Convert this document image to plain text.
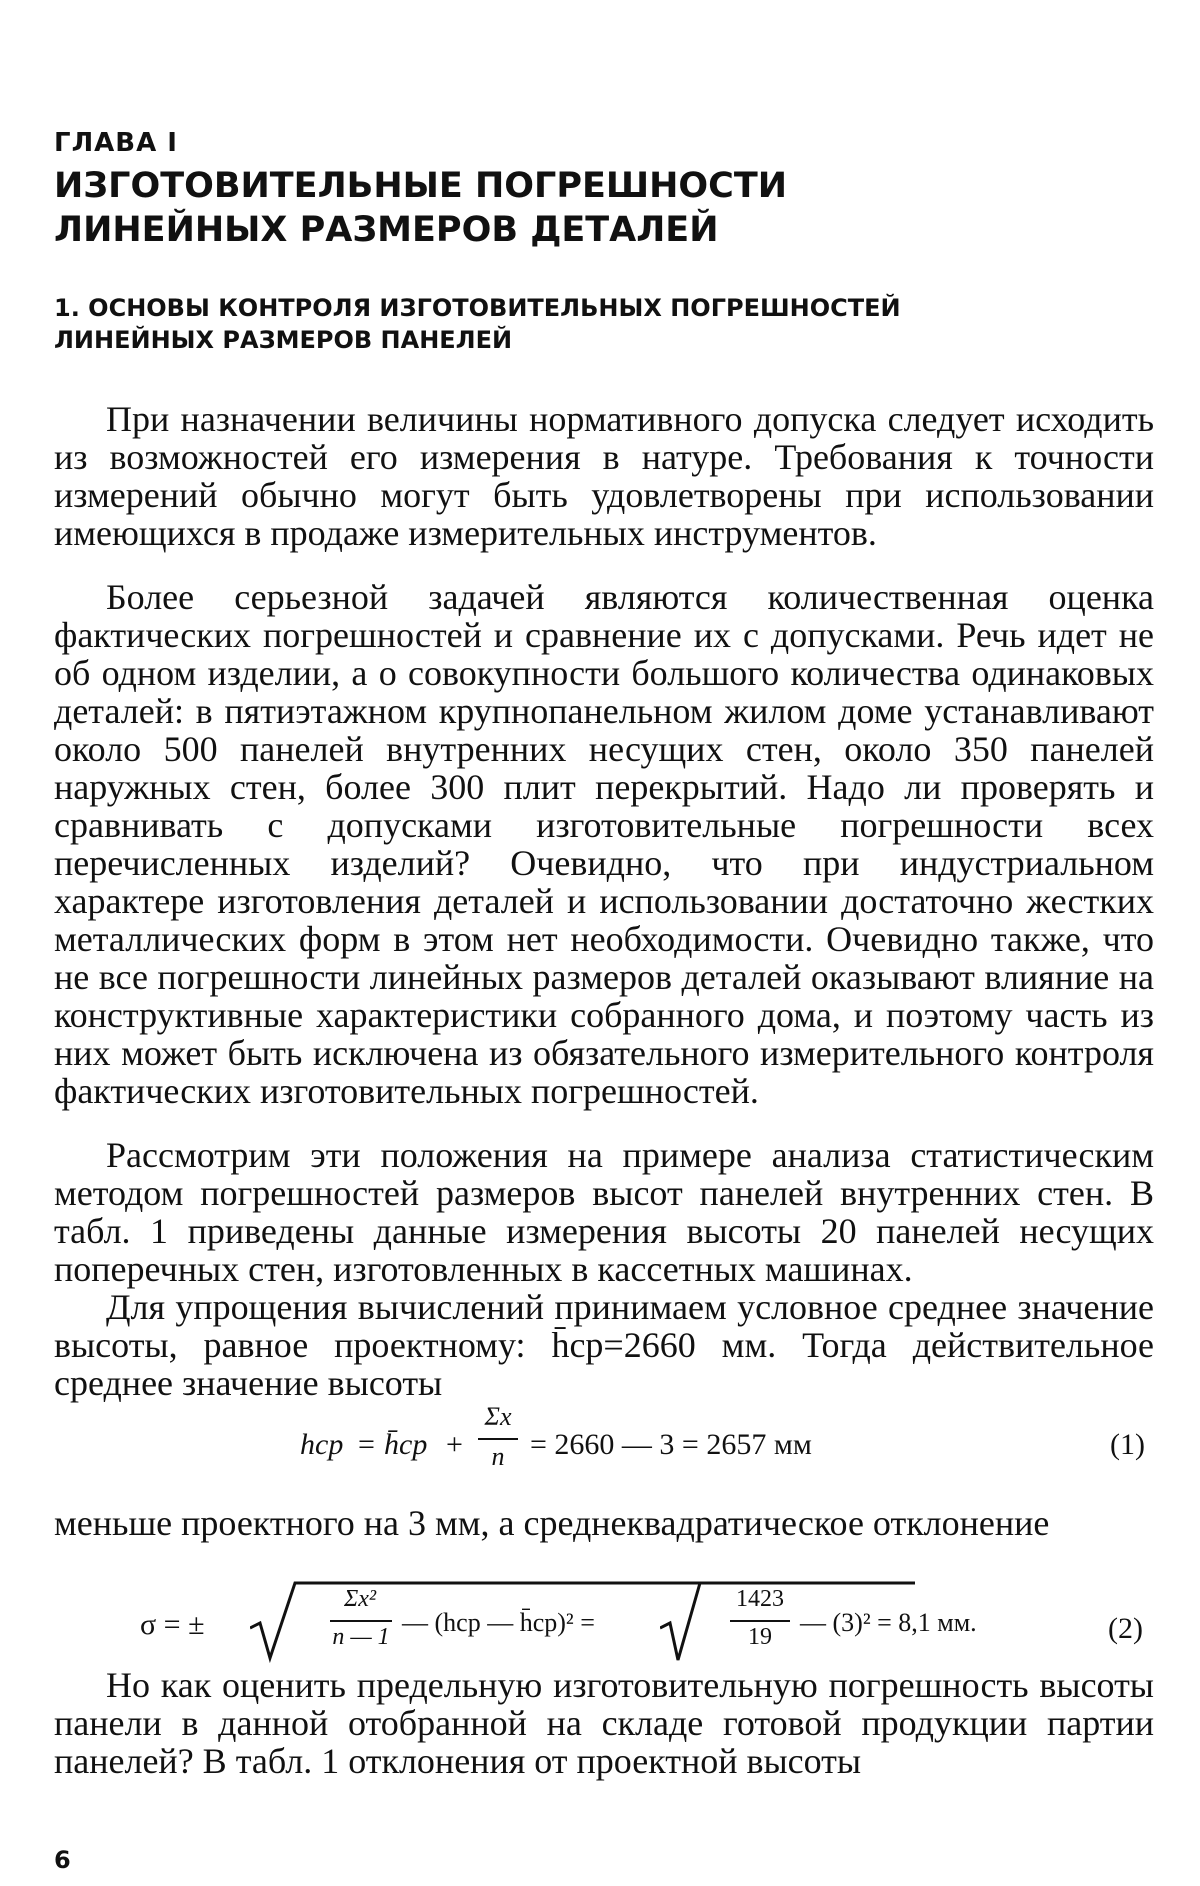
ГЛАВА I
ИЗГОТОВИТЕЛЬНЫЕ ПОГРЕШНОСТИ
ЛИНЕЙНЫХ РАЗМЕРОВ ДЕТАЛЕЙ
1. ОСНОВЫ КОНТРОЛЯ ИЗГОТОВИТЕЛЬНЫХ ПОГРЕШНОСТЕЙ
ЛИНЕЙНЫХ РАЗМЕРОВ ПАНЕЛЕЙ

При назначении величины нормативного допуска следует исходить из возможностей его измерения в натуре. Требования к точности измерений обычно могут быть удовлетворены при использовании имеющихся в продаже измерительных инструментов.

Более серьезной задачей являются количественная оценка фактических погрешностей и сравнение их с допусками. Речь идет не об одном изделии, а о совокупности большого количества одинаковых деталей: в пятиэтажном крупнопанельном жилом доме устанавливают около 500 панелей внутренних несущих стен, около 350 панелей наружных стен, более 300 плит перекрытий. Надо ли проверять и сравнивать с допусками изготовительные погрешности всех перечисленных изделий? Очевидно, что при индустриальном характере изготовления деталей и использовании достаточно жестких металлических форм в этом нет необходимости. Очевидно также, что не все погрешности линейных размеров деталей оказывают влияние на конструктивные характеристики собранного дома, и поэтому часть из них может быть исключена из обязательного измерительного контроля фактических изготовительных погрешностей.

Рассмотрим эти положения на примере анализа статистическим методом погрешностей размеров высот панелей внутренних стен. В табл. 1 приведены данные измерения высоты 20 панелей несущих поперечных стен, изготовленных в кассетных машинах.

Для упрощения вычислений принимаем условное среднее значение высоты, равное проектному: h̄ср=2660 мм. Тогда действительное среднее значение высоты

hср = h̄ср +
Σx
n = 2660 — 3 = 2657 мм	(1)

меньше проектного на 3 мм, а среднеквадратическое отклонение

σ = ±
Σx²
n — 1 — (hср — h̄ср)² =
1423
19	— (3)² = 8,1 мм.	(2)

Но как оценить предельную изготовительную погрешность высоты панели в данной отобранной на складе готовой продукции партии панелей? В табл. 1 отклонения от проектной высоты

6
